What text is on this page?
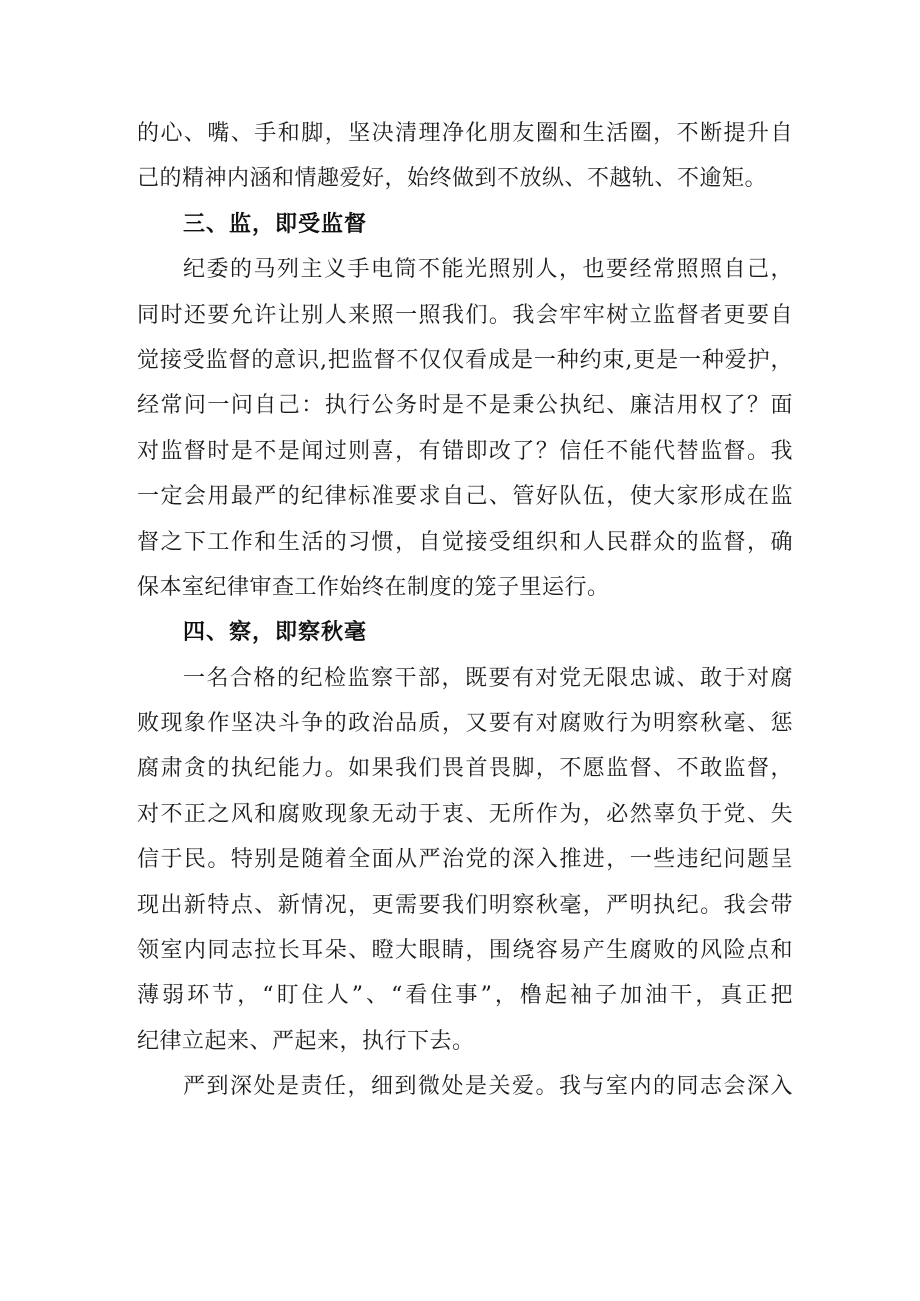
的心、嘴、手和脚，坚决清理净化朋友圈和生活圈，不断提升自
己的精神内涵和情趣爱好，始终做到不放纵、不越轨、不逾矩。
三、监，即受监督
纪委的马列主义手电筒不能光照别人，也要经常照照自己，
同时还要允许让别人来照一照我们。我会牢牢树立监督者更要自
觉接受监督的意识,把监督不仅仅看成是一种约束,更是一种爱护，
经常问一问自己：执行公务时是不是秉公执纪、廉洁用权了？面
对监督时是不是闻过则喜，有错即改了？信任不能代替监督。我
一定会用最严的纪律标准要求自己、管好队伍，使大家形成在监
督之下工作和生活的习惯，自觉接受组织和人民群众的监督，确
保本室纪律审查工作始终在制度的笼子里运行。
四、察，即察秋毫
一名合格的纪检监察干部，既要有对党无限忠诚、敢于对腐
败现象作坚决斗争的政治品质，又要有对腐败行为明察秋毫、惩
腐肃贪的执纪能力。如果我们畏首畏脚，不愿监督、不敢监督，
对不正之风和腐败现象无动于衷、无所作为，必然辜负于党、失
信于民。特别是随着全面从严治党的深入推进，一些违纪问题呈
现出新特点、新情况，更需要我们明察秋毫，严明执纪。我会带
领室内同志拉长耳朵、瞪大眼睛，围绕容易产生腐败的风险点和
薄弱环节，“盯住人”、“看住事”，橹起袖子加油干，真正把
纪律立起来、严起来，执行下去。
严到深处是责任，细到微处是关爱。我与室内的同志会深入
